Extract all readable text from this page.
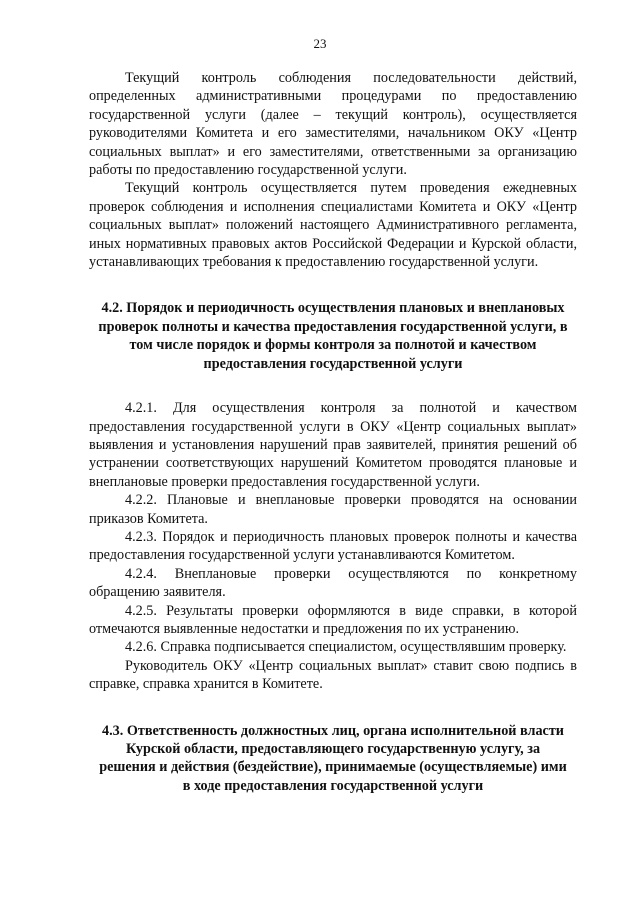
23

Текущий контроль соблюдения последовательности действий, определенных административными процедурами по предоставлению государственной услуги (далее – текущий контроль), осуществляется руководителями Комитета и его заместителями, начальником ОКУ «Центр социальных выплат» и его заместителями, ответственными за организацию работы по предоставлению государственной услуги.

Текущий контроль осуществляется путем проведения ежедневных проверок соблюдения и исполнения специалистами Комитета и ОКУ «Центр социальных выплат» положений настоящего Административного регламента, иных нормативных правовых актов Российской Федерации и Курской области, устанавливающих требования к предоставлению государственной услуги.

4.2. Порядок и периодичность осуществления плановых и внеплановых проверок полноты и качества предоставления государственной услуги, в том числе порядок и формы контроля за полнотой и качеством предоставления государственной услуги

4.2.1. Для осуществления контроля за полнотой и качеством предоставления государственной услуги в ОКУ «Центр социальных выплат» выявления и установления нарушений прав заявителей, принятия решений об устранении соответствующих нарушений Комитетом проводятся плановые и внеплановые проверки предоставления государственной услуги.

4.2.2. Плановые и внеплановые проверки проводятся на основании приказов Комитета.

4.2.3. Порядок и периодичность плановых проверок полноты и качества предоставления государственной услуги устанавливаются Комитетом.

4.2.4. Внеплановые проверки осуществляются по конкретному обращению заявителя.

4.2.5. Результаты проверки оформляются в виде справки, в которой отмечаются выявленные недостатки и предложения по их устранению.

4.2.6. Справка подписывается специалистом, осуществлявшим проверку.

Руководитель ОКУ «Центр социальных выплат» ставит свою подпись в справке, справка хранится в Комитете.

4.3. Ответственность должностных лиц, органа исполнительной власти Курской области, предоставляющего государственную услугу, за решения и действия (бездействие), принимаемые (осуществляемые) ими в ходе предоставления государственной услуги
